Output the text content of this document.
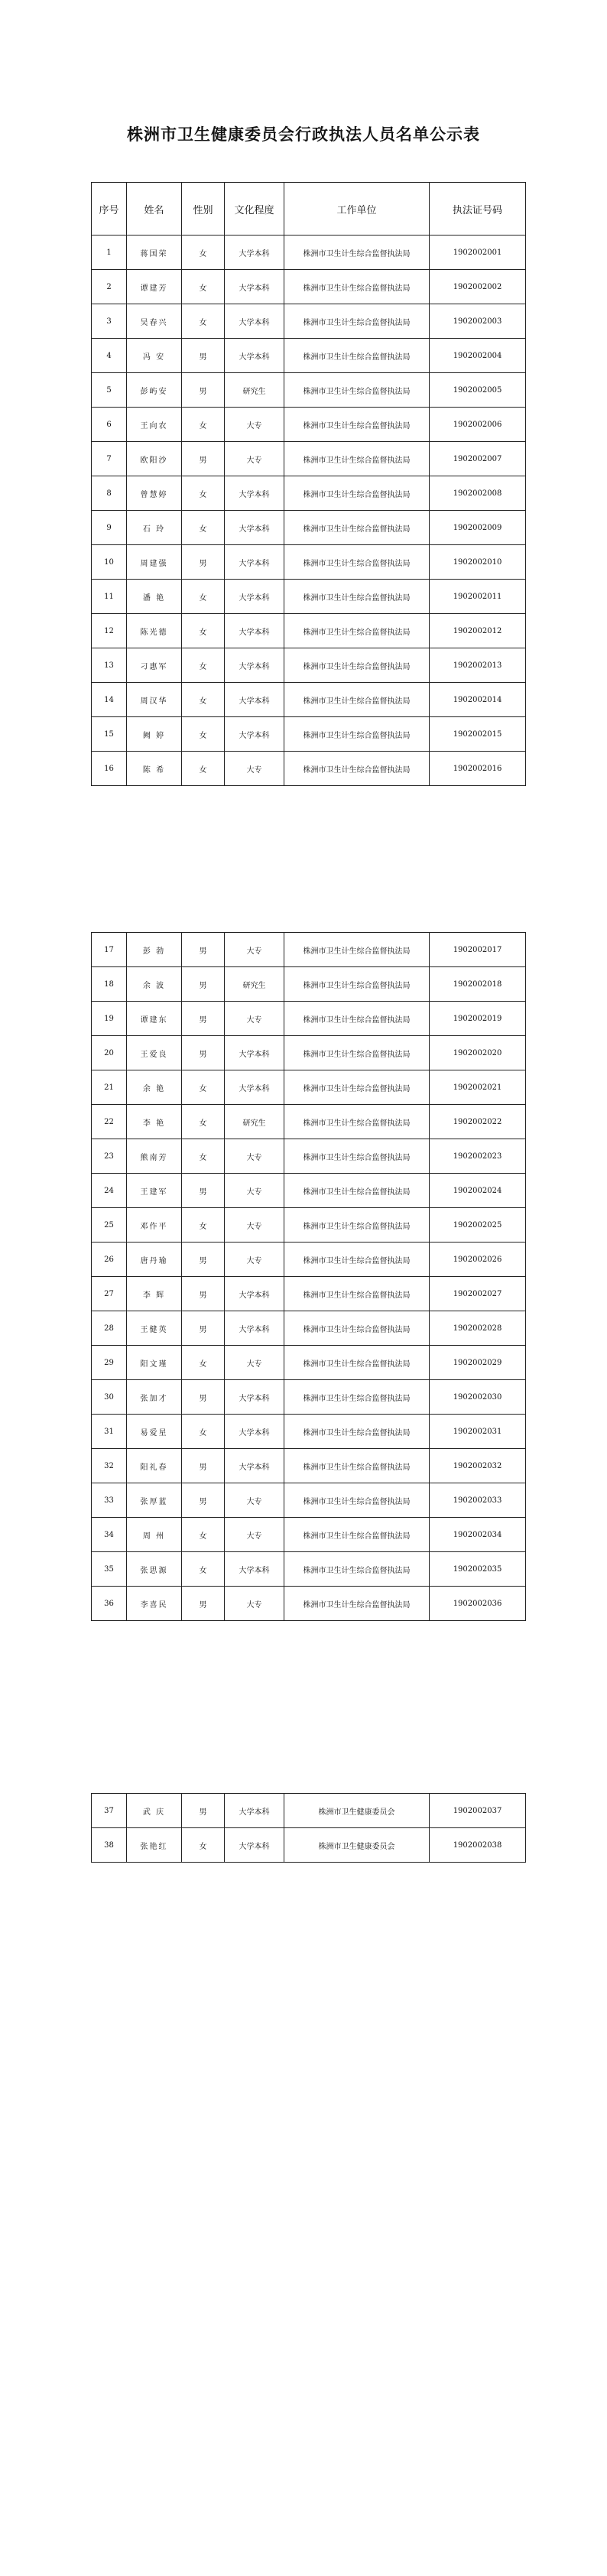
株洲市卫生健康委员会行政执法人员名单公示表
序号	姓名	性别	文化程度	工作单位	执法证号码
1	蒋国荣	女	大学本科	株洲市卫生计生综合监督执法局	1902002001
2	谭建芳	女	大学本科	株洲市卫生计生综合监督执法局	1902002002
3	吴春兴	女	大学本科	株洲市卫生计生综合监督执法局	1902002003
4	冯 安	男	大学本科	株洲市卫生计生综合监督执法局	1902002004
5	彭屿安	男	研究生	株洲市卫生计生综合监督执法局	1902002005
6	王向农	女	大专	株洲市卫生计生综合监督执法局	1902002006
7	欧阳沙	男	大专	株洲市卫生计生综合监督执法局	1902002007
8	曾慧婷	女	大学本科	株洲市卫生计生综合监督执法局	1902002008
9	石 玲	女	大学本科	株洲市卫生计生综合监督执法局	1902002009
10	周建强	男	大学本科	株洲市卫生计生综合监督执法局	1902002010
11	潘 艳	女	大学本科	株洲市卫生计生综合监督执法局	1902002011
12	陈光德	女	大学本科	株洲市卫生计生综合监督执法局	1902002012
13	刁惠军	女	大学本科	株洲市卫生计生综合监督执法局	1902002013
14	周汉华	女	大学本科	株洲市卫生计生综合监督执法局	1902002014
15	阙 婷	女	大学本科	株洲市卫生计生综合监督执法局	1902002015
16	陈 希	女	大专	株洲市卫生计生综合监督执法局	1902002016
17	彭 勃	男	大专	株洲市卫生计生综合监督执法局	1902002017
18	余 波	男	研究生	株洲市卫生计生综合监督执法局	1902002018
19	谭建东	男	大专	株洲市卫生计生综合监督执法局	1902002019
20	王爱良	男	大学本科	株洲市卫生计生综合监督执法局	1902002020
21	余 艳	女	大学本科	株洲市卫生计生综合监督执法局	1902002021
22	李 艳	女	研究生	株洲市卫生计生综合监督执法局	1902002022
23	熊南芳	女	大专	株洲市卫生计生综合监督执法局	1902002023
24	王建军	男	大专	株洲市卫生计生综合监督执法局	1902002024
25	邓作平	女	大专	株洲市卫生计生综合监督执法局	1902002025
26	唐丹瑜	男	大专	株洲市卫生计生综合监督执法局	1902002026
27	李 辉	男	大学本科	株洲市卫生计生综合监督执法局	1902002027
28	王健英	男	大学本科	株洲市卫生计生综合监督执法局	1902002028
29	阳文瑾	女	大专	株洲市卫生计生综合监督执法局	1902002029
30	张加才	男	大学本科	株洲市卫生计生综合监督执法局	1902002030
31	易爱星	女	大学本科	株洲市卫生计生综合监督执法局	1902002031
32	阳礼春	男	大学本科	株洲市卫生计生综合监督执法局	1902002032
33	张厚蓝	男	大专	株洲市卫生计生综合监督执法局	1902002033
34	周 州	女	大专	株洲市卫生计生综合监督执法局	1902002034
35	张思源	女	大学本科	株洲市卫生计生综合监督执法局	1902002035
36	李喜民	男	大专	株洲市卫生计生综合监督执法局	1902002036
37	武 庆	男	大学本科	株洲市卫生健康委员会	1902002037
38	张艳红	女	大学本科	株洲市卫生健康委员会	1902002038
